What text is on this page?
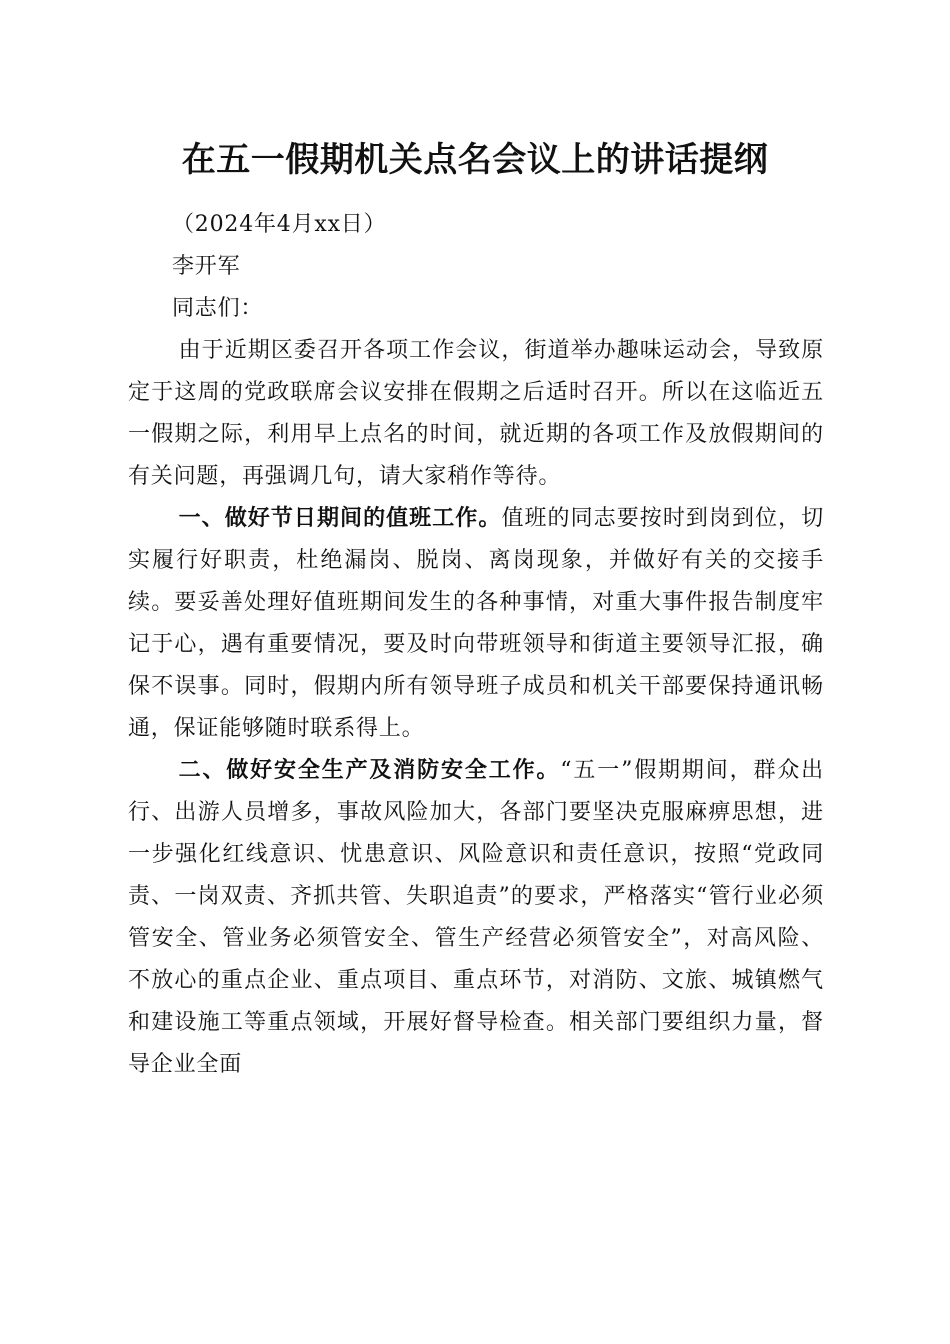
在五一假期机关点名会议上的讲话提纲

（2024年4月xx日）

李开军

同志们：

由于近期区委召开各项工作会议，街道举办趣味运动会，导致原定于这周的党政联席会议安排在假期之后适时召开。所以在这临近五一假期之际，利用早上点名的时间，就近期的各项工作及放假期间的有关问题，再强调几句，请大家稍作等待。

一、做好节日期间的值班工作。值班的同志要按时到岗到位，切实履行好职责，杜绝漏岗、脱岗、离岗现象，并做好有关的交接手续。要妥善处理好值班期间发生的各种事情，对重大事件报告制度牢记于心，遇有重要情况，要及时向带班领导和街道主要领导汇报，确保不误事。同时，假期内所有领导班子成员和机关干部要保持通讯畅通，保证能够随时联系得上。

二、做好安全生产及消防安全工作。“五一”假期期间，群众出行、出游人员增多，事故风险加大，各部门要坚决克服麻痹思想，进一步强化红线意识、忧患意识、风险意识和责任意识，按照“党政同责、一岗双责、齐抓共管、失职追责”的要求，严格落实“管行业必须管安全、管业务必须管安全、管生产经营必须管安全”，对高风险、不放心的重点企业、重点项目、重点环节，对消防、文旅、城镇燃气和建设施工等重点领域，开展好督导检查。相关部门要组织力量，督导企业全面
